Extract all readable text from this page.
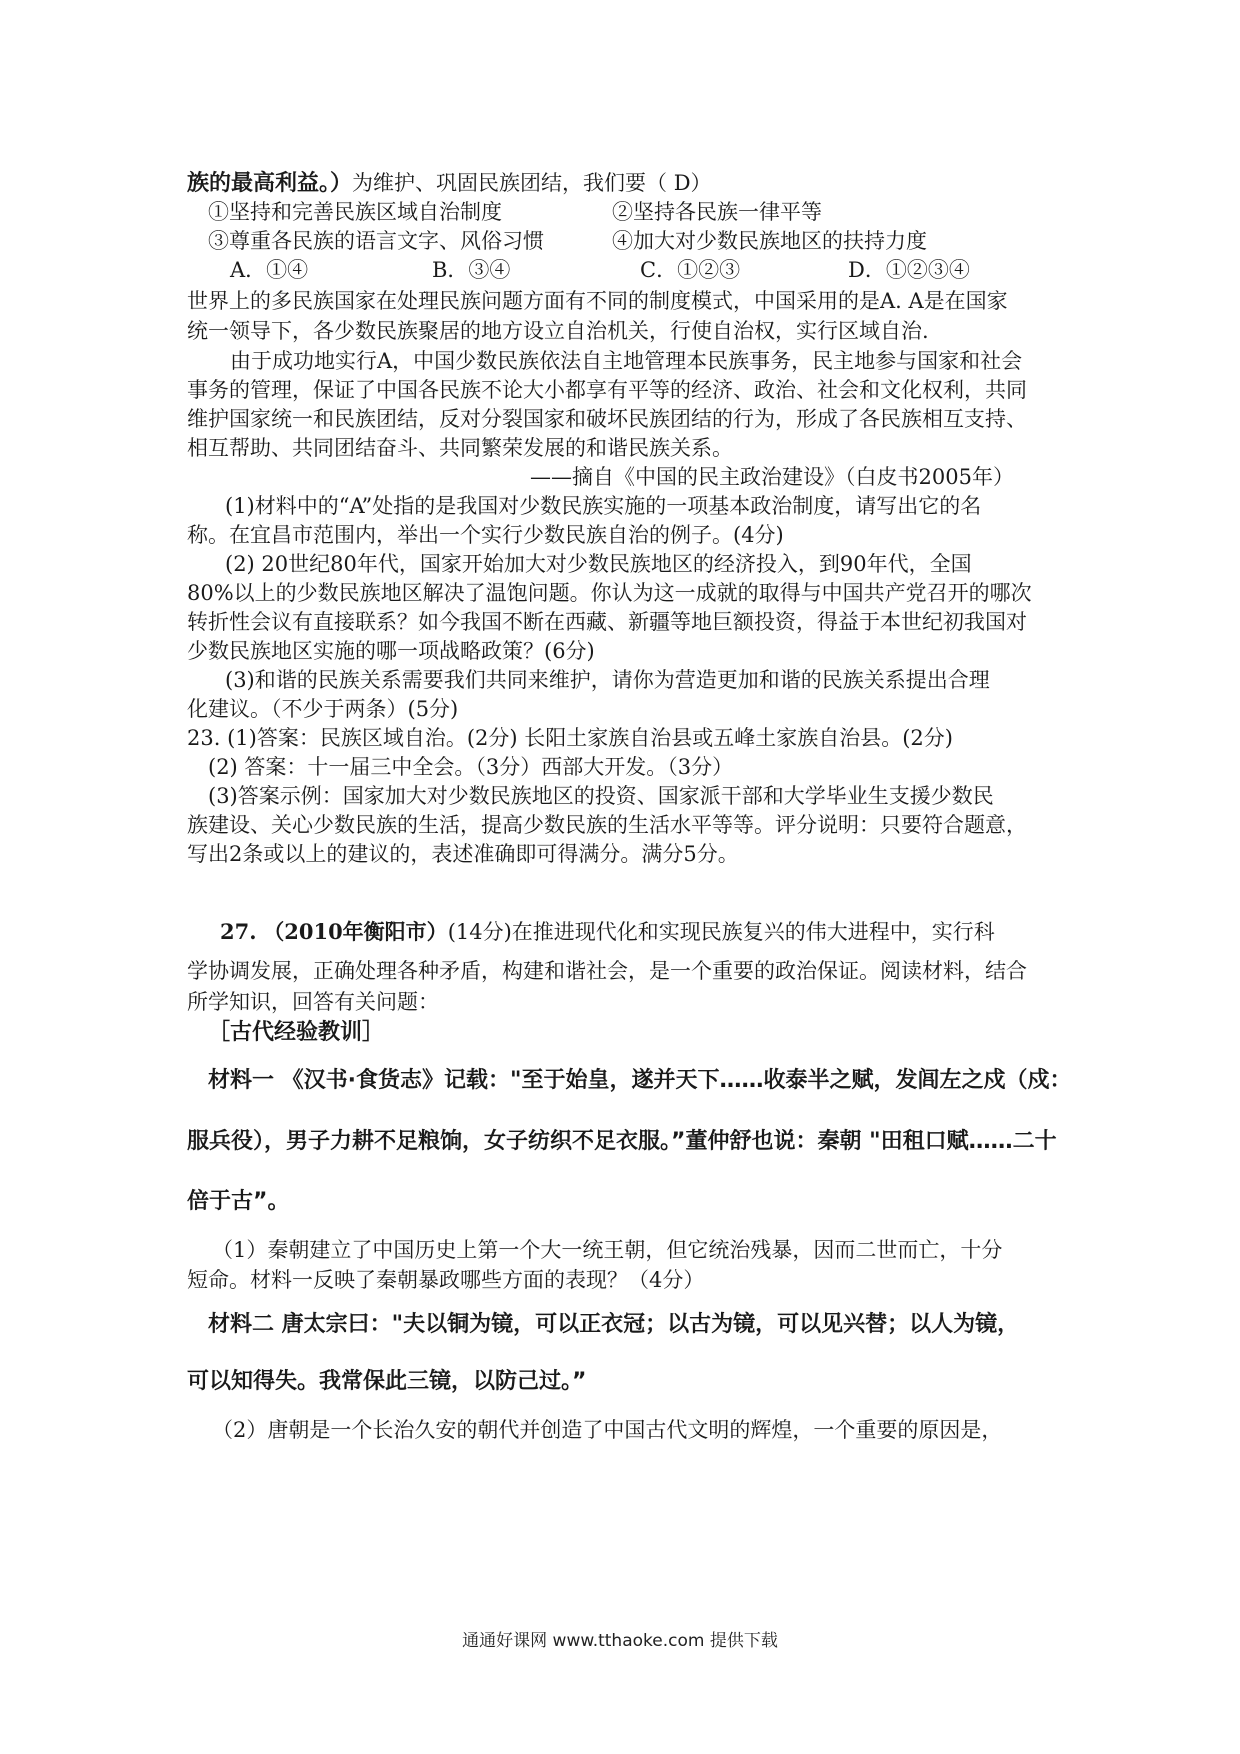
族的最高利益。）为维护、巩固民族团结，我们要（ D）
①坚持和完善民族区域自治制度	②坚持各民族一律平等
③尊重各民族的语言文字、风俗习惯	④加大对少数民族地区的扶持力度
A．①④	B．③④	C．①②③	D．①②③④
世界上的多民族国家在处理民族问题方面有不同的制度模式，中国采用的是A. A是在国家
统一领导下，各少数民族聚居的地方设立自治机关，行使自治权，实行区域自治.
由于成功地实行A，中国少数民族依法自主地管理本民族事务，民主地参与国家和社会
事务的管理，保证了中国各民族不论大小都享有平等的经济、政治、社会和文化权利，共同
维护国家统一和民族团结，反对分裂国家和破坏民族团结的行为，形成了各民族相互支持、
相互帮助、共同团结奋斗、共同繁荣发展的和谐民族关系。
——摘自《中国的民主政治建设》（白皮书2005年）
(1)材料中的“A”处指的是我国对少数民族实施的一项基本政治制度，请写出它的名
称。在宜昌市范围内，举出一个实行少数民族自治的例子。(4分)
(2) 20世纪80年代，国家开始加大对少数民族地区的经济投入，到90年代，全国
80%以上的少数民族地区解决了温饱问题。你认为这一成就的取得与中国共产党召开的哪次
转折性会议有直接联系？如今我国不断在西藏、新疆等地巨额投资，得益于本世纪初我国对
少数民族地区实施的哪一项战略政策？(6分)
(3)和谐的民族关系需要我们共同来维护，请你为营造更加和谐的民族关系提出合理
化建议。（不少于两条）(5分)
23. (1)答案：民族区域自治。(2分) 长阳土家族自治县或五峰土家族自治县。(2分)
(2) 答案：十一届三中全会。（3分）西部大开发。（3分）
(3)答案示例：国家加大对少数民族地区的投资、国家派干部和大学毕业生支援少数民
族建设、关心少数民族的生活，提高少数民族的生活水平等等。评分说明：只要符合题意，
写出2条或以上的建议的，表述准确即可得满分。满分5分。
27. （2010年衡阳市）(14分)在推进现代化和实现民族复兴的伟大进程中，实行科
学协调发展，正确处理各种矛盾，构建和谐社会，是一个重要的政治保证。阅读材料，结合
所学知识，回答有关问题：
［古代经验教训］
材料一 《汉书·食货志》记载："至于始皇，遂并天下……收泰半之赋，发闾左之戍（戍：
服兵役），男子力耕不足粮饷，女子纺织不足衣服。”董仲舒也说：秦朝 "田租口赋……二十
倍于古”。
（1）秦朝建立了中国历史上第一个大一统王朝，但它统治残暴，因而二世而亡，十分
短命。材料一反映了秦朝暴政哪些方面的表现？（4分）
材料二 唐太宗曰："夫以铜为镜，可以正衣冠；以古为镜，可以见兴替；以人为镜，
可以知得失。我常保此三镜，以防己过。”
（2）唐朝是一个长治久安的朝代并创造了中国古代文明的辉煌，一个重要的原因是，
通通好课网 www.tthaoke.com 提供下载
